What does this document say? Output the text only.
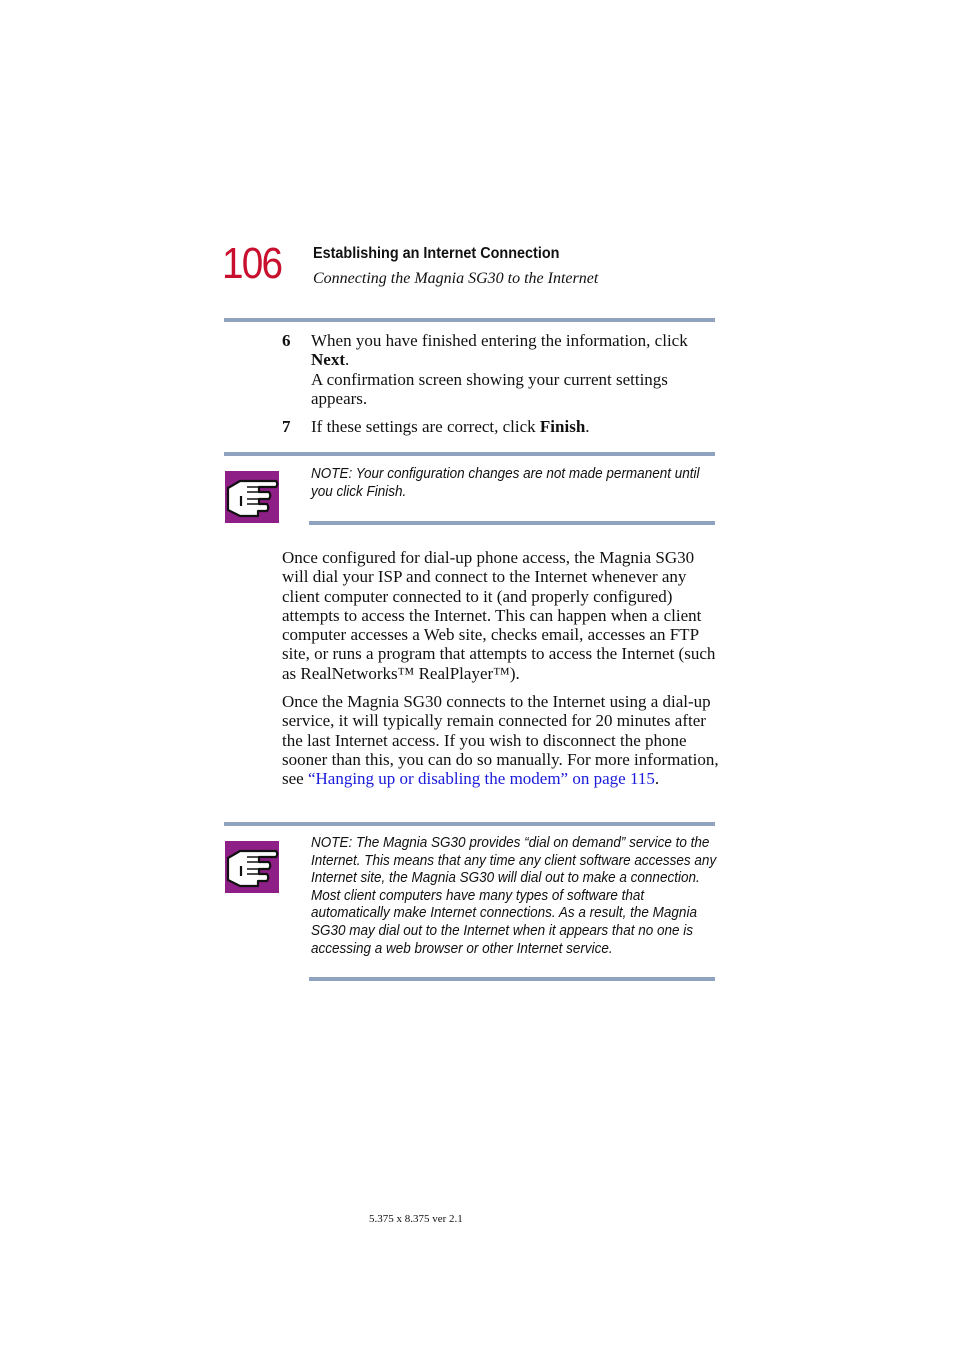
106 Establishing an Internet Connection
Connecting the Magnia SG30 to the Internet
6	When you have finished entering the information, click Next.
A confirmation screen showing your current settings appears.
7	If these settings are correct, click Finish.
NOTE: Your configuration changes are not made permanent until you click Finish.
Once configured for dial-up phone access, the Magnia SG30 will dial your ISP and connect to the Internet whenever any client computer connected to it (and properly configured) attempts to access the Internet. This can happen when a client computer accesses a Web site, checks email, accesses an FTP site, or runs a program that attempts to access the Internet (such as RealNetworks™ RealPlayer™).
Once the Magnia SG30 connects to the Internet using a dial-up service, it will typically remain connected for 20 minutes after the last Internet access. If you wish to disconnect the phone sooner than this, you can do so manually. For more information, see “Hanging up or disabling the modem” on page 115.
NOTE: The Magnia SG30 provides “dial on demand” service to the Internet. This means that any time any client software accesses any Internet site, the Magnia SG30 will dial out to make a connection. Most client computers have many types of software that automatically make Internet connections. As a result, the Magnia SG30 may dial out to the Internet when it appears that no one is accessing a web browser or other Internet service.
5.375 x 8.375 ver 2.1
